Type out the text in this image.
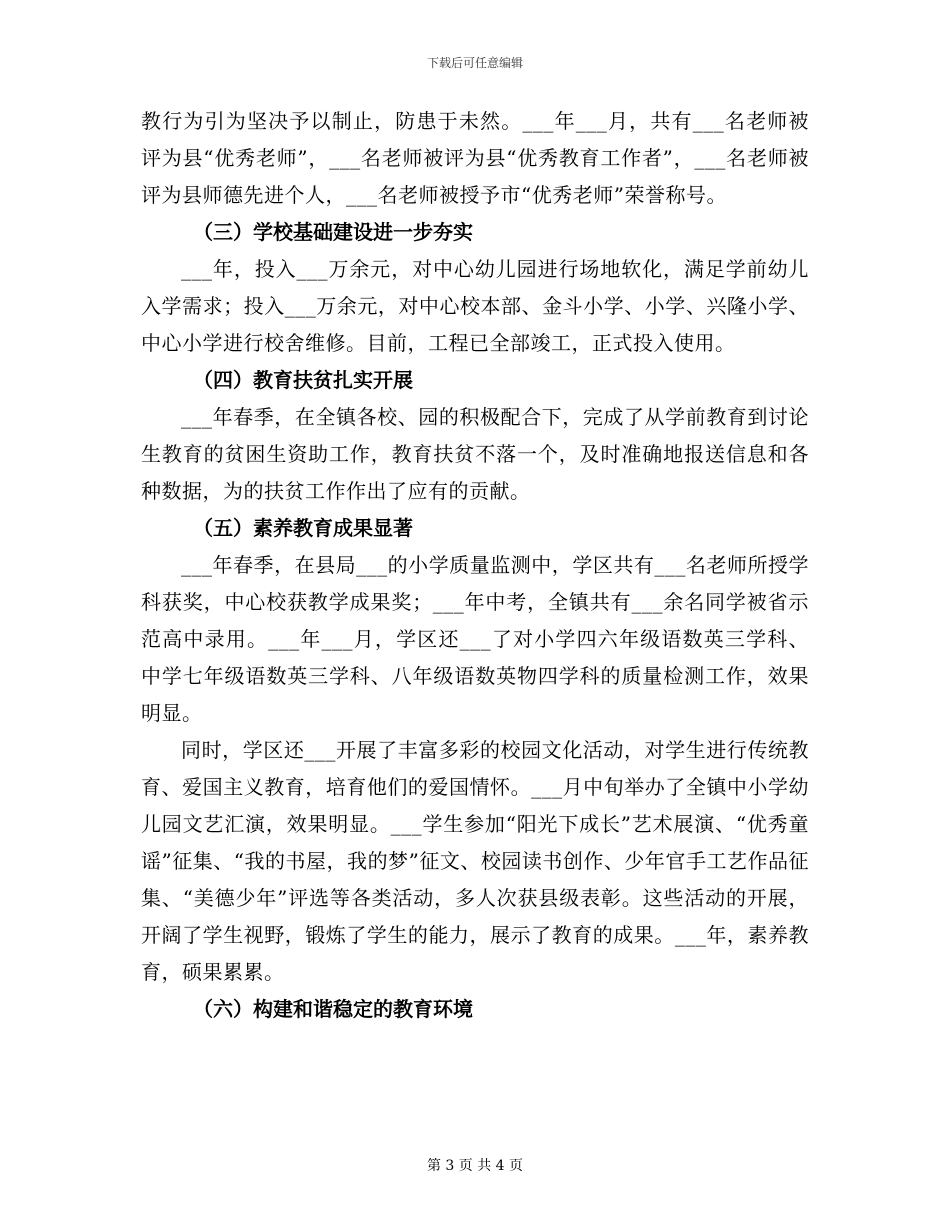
下载后可任意编辑

教行为引为坚决予以制止，防患于未然。___年___月，共有___名老师被评为县“优秀老师”，___名老师被评为县“优秀教育工作者”，___名老师被评为县师德先进个人，___名老师被授予市“优秀老师”荣誉称号。

（三）学校基础建设进一步夯实

___年，投入___万余元，对中心幼儿园进行场地软化，满足学前幼儿入学需求；投入___万余元，对中心校本部、金斗小学、小学、兴隆小学、中心小学进行校舍维修。目前，工程已全部竣工，正式投入使用。

（四）教育扶贫扎实开展

___年春季，在全镇各校、园的积极配合下，完成了从学前教育到讨论生教育的贫困生资助工作，教育扶贫不落一个，及时准确地报送信息和各种数据，为的扶贫工作作出了应有的贡献。

（五）素养教育成果显著

___年春季，在县局___的小学质量监测中，学区共有___名老师所授学科获奖，中心校获教学成果奖；___年中考，全镇共有___余名同学被省示范高中录用。___年___月，学区还___了对小学四六年级语数英三学科、中学七年级语数英三学科、八年级语数英物四学科的质量检测工作，效果明显。

同时，学区还___开展了丰富多彩的校园文化活动，对学生进行传统教育、爱国主义教育，培育他们的爱国情怀。___月中旬举办了全镇中小学幼儿园文艺汇演，效果明显。___学生参加“阳光下成长”艺术展演、“优秀童谣”征集、“我的书屋，我的梦”征文、校园读书创作、少年官手工艺作品征集、“美德少年”评选等各类活动，多人次获县级表彰。这些活动的开展，开阔了学生视野，锻炼了学生的能力，展示了教育的成果。___年，素养教育，硕果累累。

（六）构建和谐稳定的教育环境
第 3 页 共 4 页
